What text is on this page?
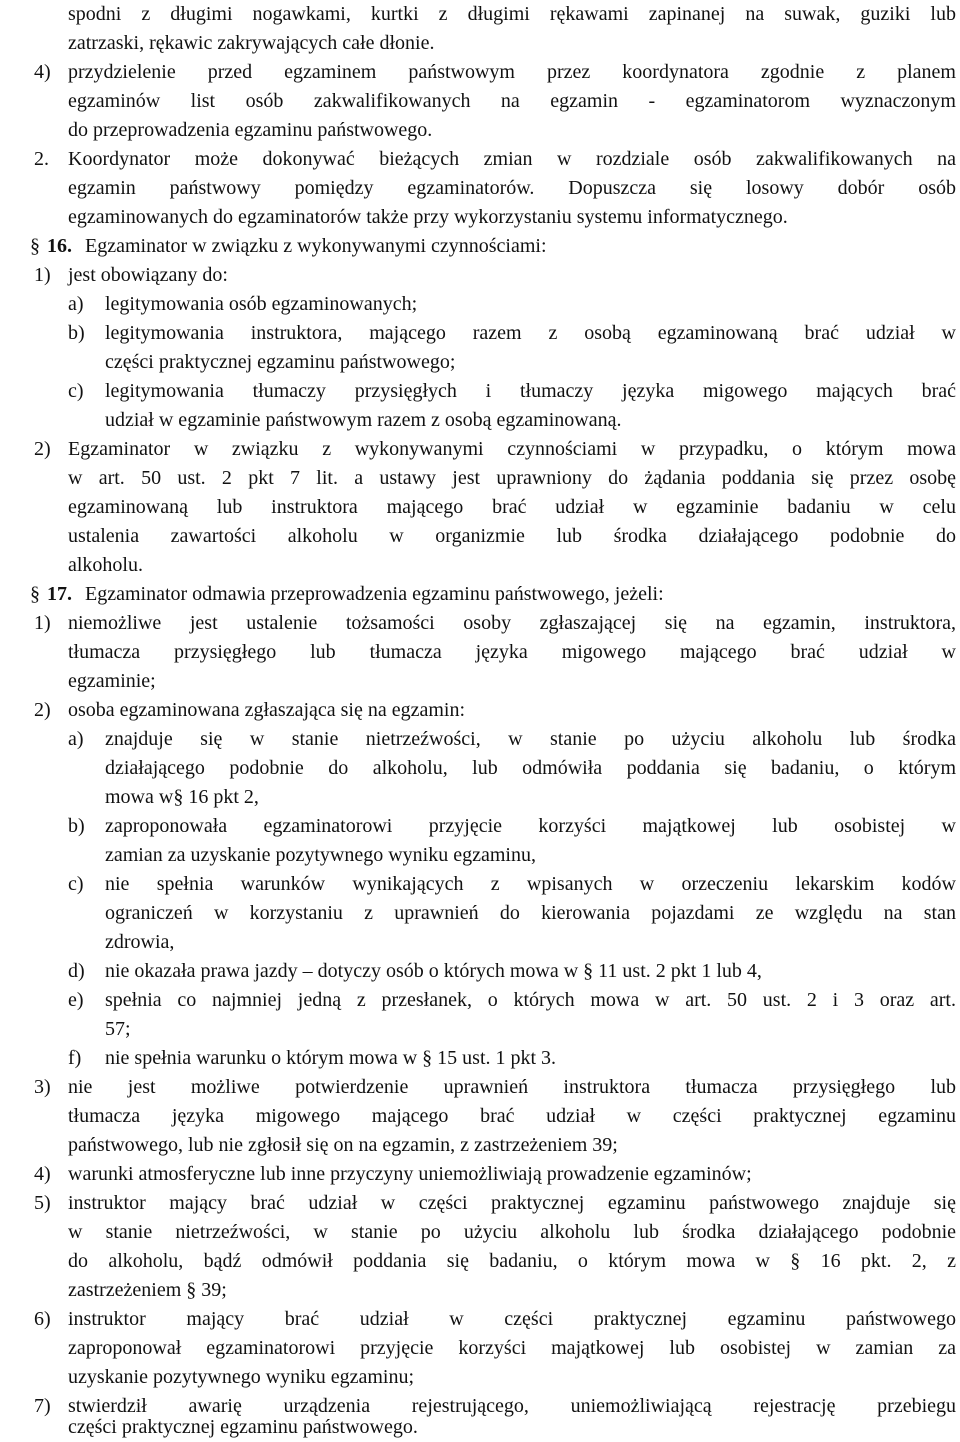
spodni z długimi nogawkami, kurtki z długimi rękawami zapinanej na suwak, guziki lub
zatrzaski, rękawic zakrywających całe dłonie.
4) przydzielenie przed egzaminem państwowym przez koordynatora zgodnie z planem
egzaminów list osób zakwalifikowanych na egzamin - egzaminatorom wyznaczonym
do przeprowadzenia egzaminu państwowego.
2. Koordynator może dokonywać bieżących zmian w rozdziale osób zakwalifikowanych na
egzamin państwowy pomiędzy egzaminatorów. Dopuszcza się losowy dobór osób
egzaminowanych do egzaminatorów także przy wykorzystaniu systemu informatycznego.
§ 16. Egzaminator w związku z wykonywanymi czynnościami:
1) jest obowiązany do:
a) legitymowania osób egzaminowanych;
b) legitymowania instruktora, mającego razem z osobą egzaminowaną brać udział w
części praktycznej egzaminu państwowego;
c) legitymowania tłumaczy przysięgłych i tłumaczy języka migowego mających brać
udział w egzaminie państwowym razem z osobą egzaminowaną.
2) Egzaminator w związku z wykonywanymi czynnościami w przypadku, o którym mowa
w art. 50 ust. 2 pkt 7 lit. a ustawy jest uprawniony do żądania poddania się przez osobę
egzaminowaną lub instruktora mającego brać udział w egzaminie badaniu w celu
ustalenia zawartości alkoholu w organizmie lub środka działającego podobnie do
alkoholu.
§ 17. Egzaminator odmawia przeprowadzenia egzaminu państwowego, jeżeli:
1) niemożliwe jest ustalenie tożsamości osoby zgłaszającej się na egzamin, instruktora,
tłumacza przysięgłego lub tłumacza języka migowego mającego brać udział w
egzaminie;
2) osoba egzaminowana zgłaszająca się na egzamin:
a) znajduje się w stanie nietrzeźwości, w stanie po użyciu alkoholu lub środka
działającego podobnie do alkoholu, lub odmówiła poddania się badaniu, o którym
mowa w§ 16 pkt 2,
b) zaproponowała egzaminatorowi przyjęcie korzyści majątkowej lub osobistej w
zamian za uzyskanie pozytywnego wyniku egzaminu,
c) nie spełnia warunków wynikających z wpisanych w orzeczeniu lekarskim kodów
ograniczeń w korzystaniu z uprawnień do kierowania pojazdami ze względu na stan
zdrowia,
d) nie okazała prawa jazdy – dotyczy osób o których mowa w § 11 ust. 2 pkt 1 lub 4,
e) spełnia co najmniej jedną z przesłanek, o których mowa w art. 50 ust. 2 i 3 oraz art.
57;
f) nie spełnia warunku o którym mowa w § 15 ust. 1 pkt 3.
3) nie jest możliwe potwierdzenie uprawnień instruktora tłumacza przysięgłego lub
tłumacza języka migowego mającego brać udział w części praktycznej egzaminu
państwowego, lub nie zgłosił się on na egzamin, z zastrzeżeniem 39;
4) warunki atmosferyczne lub inne przyczyny uniemożliwiają prowadzenie egzaminów;
5) instruktor mający brać udział w części praktycznej egzaminu państwowego znajduje się
w stanie nietrzeźwości, w stanie po użyciu alkoholu lub środka działającego podobnie
do alkoholu, bądź odmówił poddania się badaniu, o którym mowa w § 16 pkt. 2, z
zastrzeżeniem § 39;
6) instruktor mający brać udział w części praktycznej egzaminu państwowego
zaproponował egzaminatorowi przyjęcie korzyści majątkowej lub osobistej w zamian za
uzyskanie pozytywnego wyniku egzaminu;
7) stwierdził awarię urządzenia rejestrującego, uniemożliwiającą rejestrację przebiegu
części praktycznej egzaminu państwowego.
